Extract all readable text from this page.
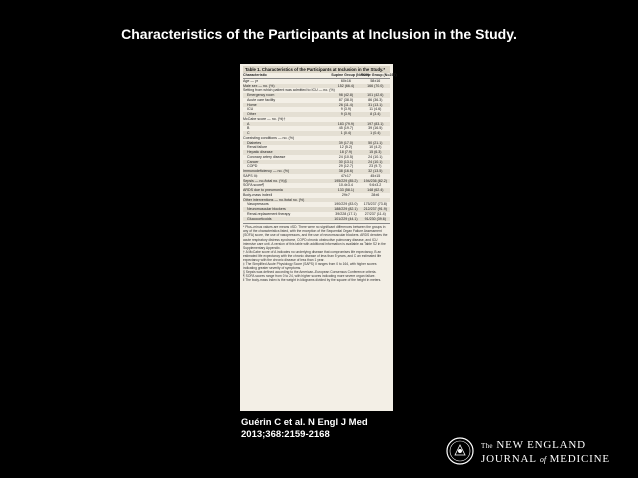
Characteristics of the Participants at Inclusion in the Study.
Table 1. Characteristics of the Participants at Inclusion in the Study.*
Characteristic	Supine Group (N=229)	Prone Group (N=237)
Age — yr	60±16	58±16
Male sex — no. (%)	152 (66.4)	166 (70.0)
Setting from which patient was admitted to ICU — no. (%)		
Emergency room	98 (42.8)	101 (42.6)
Acute care facility	87 (38.0)	86 (36.3)
Home	26 (11.4)	31 (13.1)
ICU	9 (3.9)	11 (4.6)
Other	9 (3.9)	8 (3.4)
McCabe score — no. (%)†		
A	183 (79.9)	197 (83.1)
B	45 (19.7)	39 (16.5)
C	1 (0.4)	1 (0.4)
Coexisting conditions — no. (%)		
Diabetes	39 (17.0)	50 (21.1)
Renal failure	12 (5.2)	10 (4.2)
Hepatic disease	18 (7.9)	15 (6.3)
Coronary artery disease	24 (10.5)	24 (10.1)
Cancer	30 (13.1)	24 (10.1)
COPD	29 (12.7)	23 (9.7)
Immunodeficiency — no. (%)	38 (16.6)	32 (13.5)
SAPS II‡	47±17	45±15
Sepsis — no./total no. (%)§	195/229 (85.2)	194/236 (82.2)
SOFA score¶	10.4±3.4	9.6±3.2
ARDS due to pneumonia	133 (58.1)	148 (62.4)
Body-mass index‖	29±7	28±6
Other interventions — no./total no. (%)		
Vasopressors	190/229 (83.0)	175/237 (73.8)
Neuromuscular blockers	188/229 (82.1)	212/237 (91.9)
Renal-replacement therapy	39/228 (17.1)	27/237 (11.4)
Glucocorticoids	101/229 (44.1)	91/230 (39.6)
* Plus–minus values are means ±SD. There were no significant differences between the groups in any of the characteristics listed, with the exception of the Sequential Organ Failure Assessment (SOFA) score, the use of vasopressors, and the use of neuromuscular blockers. ARDS denotes the acute respiratory distress syndrome, COPD chronic obstructive pulmonary disease, and ICU intensive care unit. A version of this table with additional information is available as Table S2 in the Supplementary Appendix.
† A McCabe score of A indicates no underlying disease that compromises life expectancy, B an estimated life expectancy with the chronic disease of less than 5 years, and C an estimated life expectancy with the chronic disease of less than 1 year.
‡ The Simplified Acute Physiology Score (SAPS) II ranges from 0 to 164, with higher scores indicating greater severity of symptoms.
§ Sepsis was defined according to the American–European Consensus Conference criteria.
¶ SOFA scores range from 0 to 24, with higher scores indicating more severe organ failure.
‖ The body-mass index is the weight in kilograms divided by the square of the height in meters.
Guérin C et al. N Engl J Med
2013;368:2159-2168
The NEW ENGLAND
JOURNAL of MEDICINE
